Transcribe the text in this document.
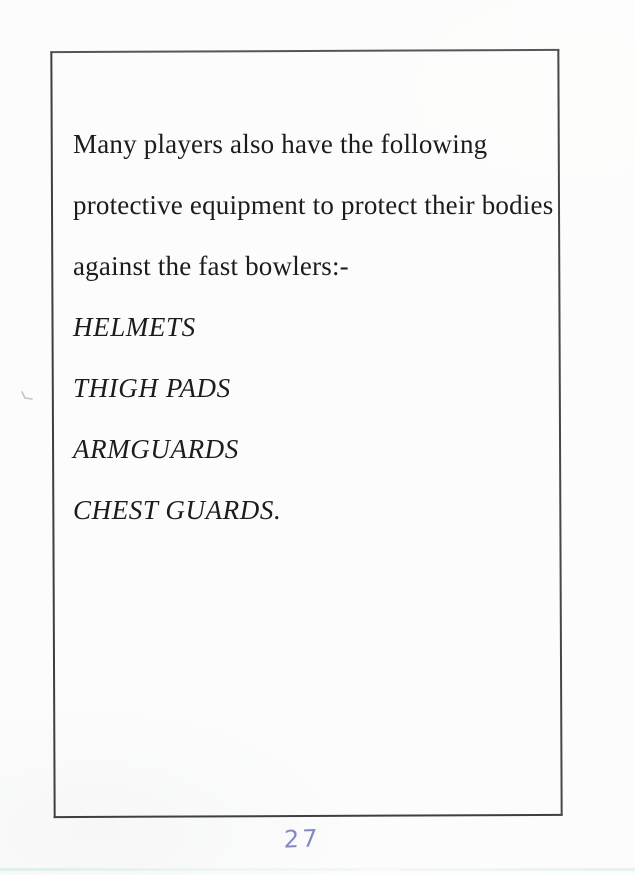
Many players also have the following
protective equipment to protect their bodies
against the fast bowlers:-
HELMETS
THIGH PADS
ARMGUARDS
CHEST GUARDS.
27
